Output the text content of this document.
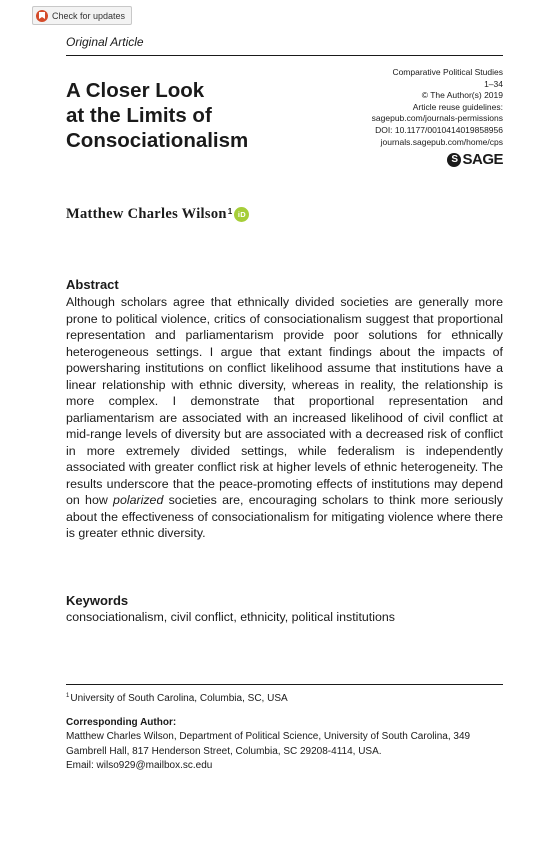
Check for updates
Original Article
A Closer Look
at the Limits of
Consociationalism
Comparative Political Studies
1–34
© The Author(s) 2019
Article reuse guidelines:
sagepub.com/journals-permissions
DOI: 10.1177/0010414019858956
journals.sagepub.com/home/cps
S SAGE
Matthew Charles Wilson$^1$ iD
Abstract
Although scholars agree that ethnically divided societies are generally more prone to political violence, critics of consociationalism suggest that proportional representation and parliamentarism provide poor solutions for ethnically heterogeneous settings. I argue that extant findings about the impacts of powersharing institutions on conflict likelihood assume that institutions have a linear relationship with ethnic diversity, whereas in reality, the relationship is more complex. I demonstrate that proportional representation and parliamentarism are associated with an increased likelihood of civil conflict at mid-range levels of diversity but are associated with a decreased risk of conflict in more extremely divided settings, while federalism is independently associated with greater conflict risk at higher levels of ethnic heterogeneity. The results underscore that the peace-promoting effects of institutions may depend on how polarized societies are, encouraging scholars to think more seriously about the effectiveness of consociationalism for mitigating violence where there is greater ethnic diversity.
Keywords
consociationalism, civil conflict, ethnicity, political institutions
1 University of South Carolina, Columbia, SC, USA
Corresponding Author:
Matthew Charles Wilson, Department of Political Science, University of South Carolina, 349
Gambrell Hall, 817 Henderson Street, Columbia, SC 29208-4114, USA.
Email: wilso929@mailbox.sc.edu
